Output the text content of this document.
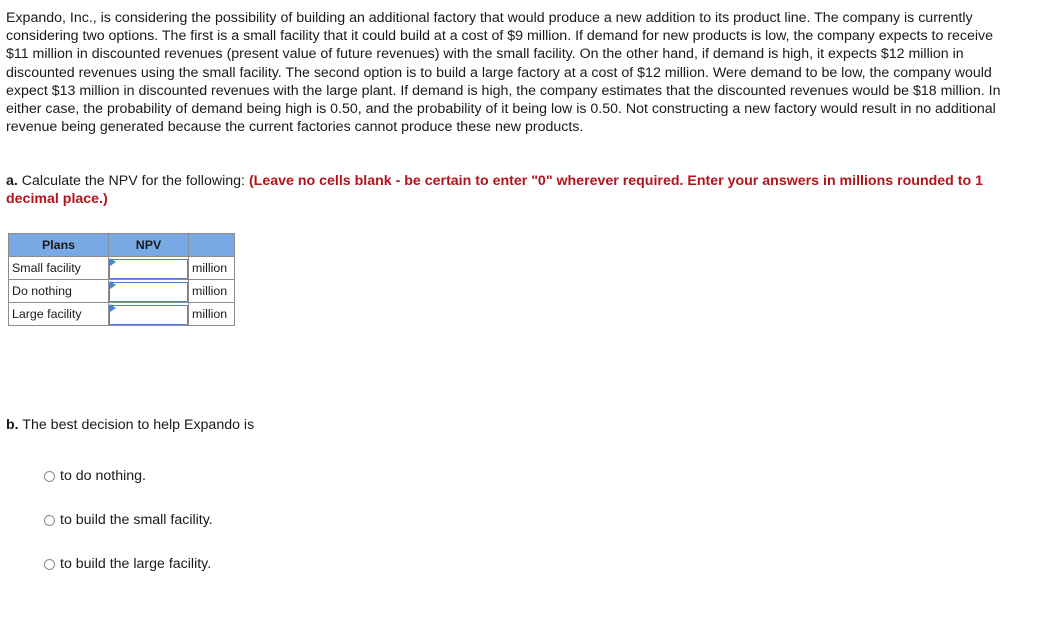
Expando, Inc., is considering the possibility of building an additional factory that would produce a new addition to its product line. The company is currently considering two options. The first is a small facility that it could build at a cost of $9 million. If demand for new products is low, the company expects to receive $11 million in discounted revenues (present value of future revenues) with the small facility. On the other hand, if demand is high, it expects $12 million in discounted revenues using the small facility. The second option is to build a large factory at a cost of $12 million. Were demand to be low, the company would expect $13 million in discounted revenues with the large plant. If demand is high, the company estimates that the discounted revenues would be $18 million. In either case, the probability of demand being high is 0.50, and the probability of it being low is 0.50. Not constructing a new factory would result in no additional revenue being generated because the current factories cannot produce these new products.

a. Calculate the NPV for the following: (Leave no cells blank - be certain to enter "0" wherever required. Enter your answers in millions rounded to 1 decimal place.)

Plans	NPV	
Small facility		million
Do nothing		million
Large facility		million

b. The best decision to help Expando is

to do nothing.
to build the small facility.
to build the large facility.
